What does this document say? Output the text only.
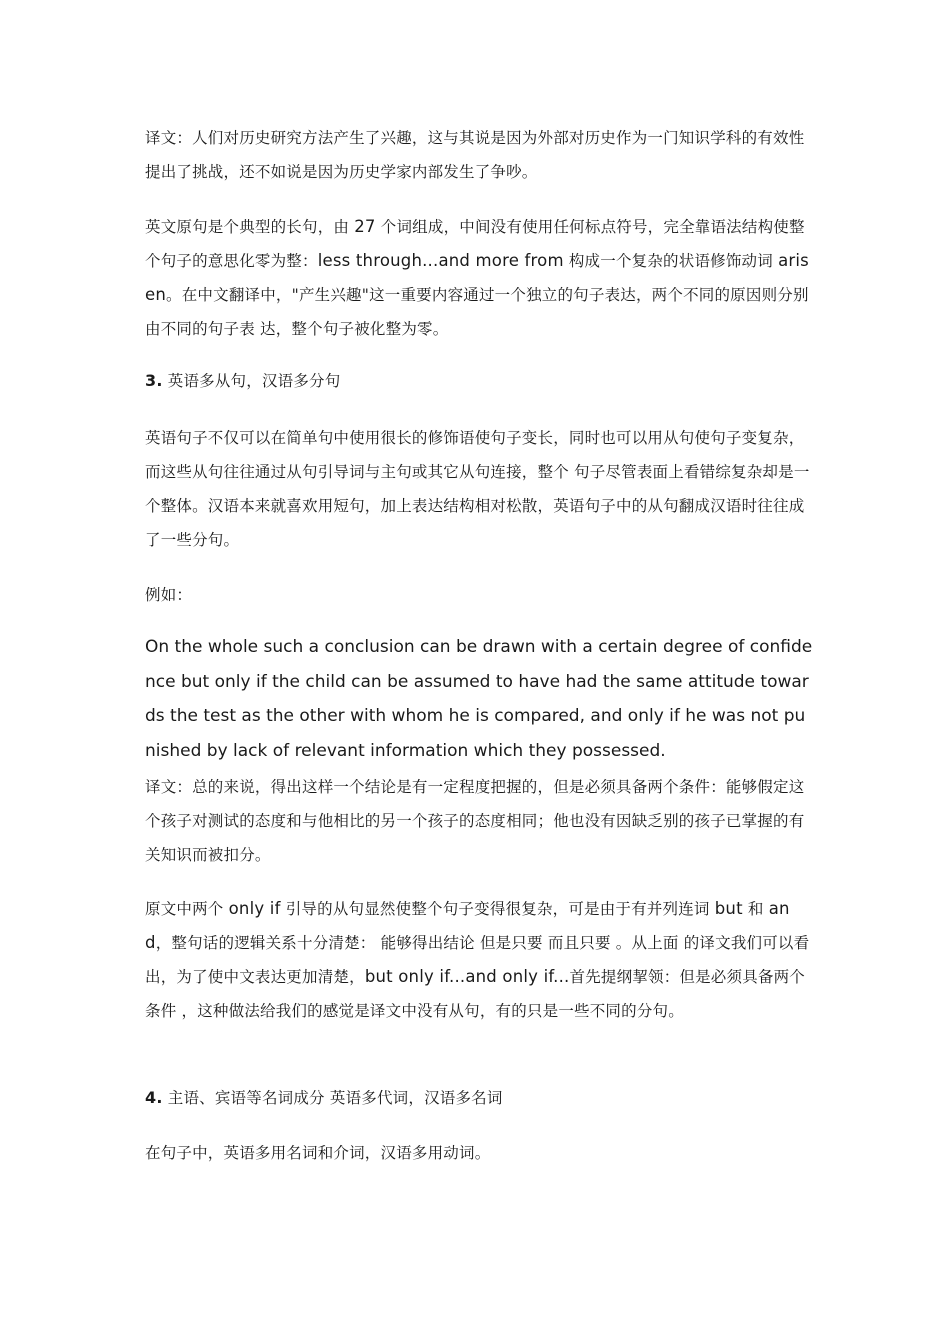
译文：人们对历史研究方法产生了兴趣，这与其说是因为外部对历史作为一门知识学科的有效性提出了挑战，还不如说是因为历史学家内部发生了争吵。

英文原句是个典型的长句，由 27 个词组成，中间没有使用任何标点符号，完全靠语法结构使整个句子的意思化零为整：less through...and more from 构成一个复杂的状语修饰动词 arisen。在中文翻译中，"产生兴趣"这一重要内容通过一个独立的句子表达，两个不同的原因则分别由不同的句子表 达，整个句子被化整为零。

3. 英语多从句，汉语多分句

英语句子不仅可以在简单句中使用很长的修饰语使句子变长，同时也可以用从句使句子变复杂，而这些从句往往通过从句引导词与主句或其它从句连接，整个 句子尽管表面上看错综复杂却是一个整体。汉语本来就喜欢用短句，加上表达结构相对松散，英语句子中的从句翻成汉语时往往成了一些分句。

例如：

On the whole such a conclusion can be drawn with a certain degree of confidence but only if the child can be assumed to have had the same attitude towards the test as the other with whom he is compared, and only if he was not punished by lack of relevant information which they possessed.

译文：总的来说，得出这样一个结论是有一定程度把握的，但是必须具备两个条件：能够假定这个孩子对测试的态度和与他相比的另一个孩子的态度相同；他也没有因缺乏别的孩子已掌握的有关知识而被扣分。

原文中两个 only if 引导的从句显然使整个句子变得很复杂，可是由于有并列连词 but 和 and，整句话的逻辑关系十分清楚： 能够得出结论 但是只要 而且只要 。从上面 的译文我们可以看出，为了使中文表达更加清楚，but only if...and only if...首先提纲挈领：但是必须具备两个条件 ，这种做法给我们的感觉是译文中没有从句，有的只是一些不同的分句。

4. 主语、宾语等名词成分 英语多代词，汉语多名词

在句子中，英语多用名词和介词，汉语多用动词。
